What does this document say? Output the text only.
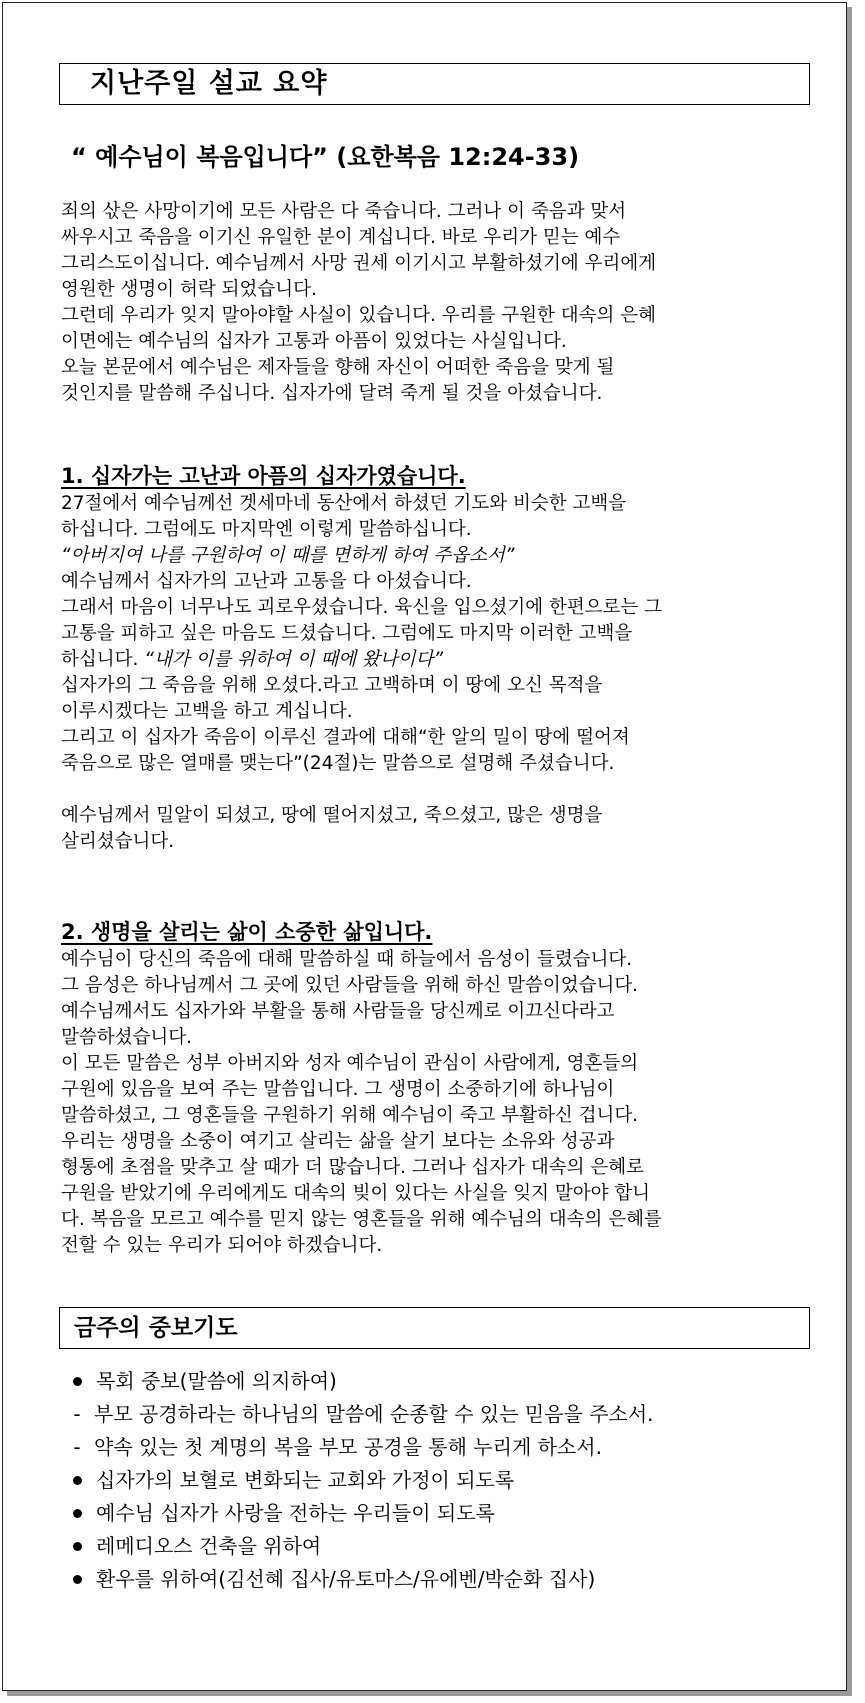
지난주일 설교 요약
“ 예수님이 복음입니다” (요한복음 12:24-33)

죄의 삯은 사망이기에 모든 사람은 다 죽습니다. 그러나 이 죽음과 맞서

싸우시고 죽음을 이기신 유일한 분이 계십니다. 바로 우리가 믿는 예수

그리스도이십니다. 예수님께서 사망 권세 이기시고 부활하셨기에 우리에게

영원한 생명이 허락 되었습니다.

그런데 우리가 잊지 말아야할 사실이 있습니다. 우리를 구원한 대속의 은혜

이면에는 예수님의 십자가 고통과 아픔이 있었다는 사실입니다.

오늘 본문에서 예수님은 제자들을 향해 자신이 어떠한 죽음을 맞게 될

것인지를 말씀해 주십니다. 십자가에 달려 죽게 될 것을 아셨습니다.

1. 십자가는 고난과 아픔의 십자가였습니다.

27절에서 예수님께선 겟세마네 동산에서 하셨던 기도와 비슷한 고백을

하십니다. 그럼에도 마지막엔 이렇게 말씀하십니다.

“아버지여 나를 구원하여 이 때를 면하게 하여 주옵소서”

예수님께서 십자가의 고난과 고통을 다 아셨습니다.

그래서 마음이 너무나도 괴로우셨습니다. 육신을 입으셨기에 한편으로는 그

고통을 피하고 싶은 마음도 드셨습니다. 그럼에도 마지막 이러한 고백을

하십니다. “내가 이를 위하여 이 때에 왔나이다”

십자가의 그 죽음을 위해 오셨다.라고 고백하며 이 땅에 오신 목적을

이루시겠다는 고백을 하고 계십니다.

그리고 이 십자가 죽음이 이루신 결과에 대해“한 알의 밀이 땅에 떨어져

죽음으로 많은 열매를 맺는다”(24절)는 말씀으로 설명해 주셨습니다.

예수님께서 밀알이 되셨고, 땅에 떨어지셨고, 죽으셨고, 많은 생명을

살리셨습니다.

2. 생명을 살리는 삶이 소중한 삶입니다.

예수님이 당신의 죽음에 대해 말씀하실 때 하늘에서 음성이 들렸습니다.

그 음성은 하나님께서 그 곳에 있던 사람들을 위해 하신 말씀이었습니다.

예수님께서도 십자가와 부활을 통해 사람들을 당신께로 이끄신다라고

말씀하셨습니다.

이 모든 말씀은 성부 아버지와 성자 예수님이 관심이 사람에게, 영혼들의

구원에 있음을 보여 주는 말씀입니다. 그 생명이 소중하기에 하나님이

말씀하셨고, 그 영혼들을 구원하기 위해 예수님이 죽고 부활하신 겁니다.

우리는 생명을 소중이 여기고 살리는 삶을 살기 보다는 소유와 성공과

형통에 초점을 맞추고 살 때가 더 많습니다. 그러나 십자가 대속의 은혜로

구원을 받았기에 우리에게도 대속의 빚이 있다는 사실을 잊지 말아야 합니

다. 복음을 모르고 예수를 믿지 않는 영혼들을 위해 예수님의 대속의 은혜를

전할 수 있는 우리가 되어야 하겠습니다.

금주의 중보기도
목회 중보(말씀에 의지하여)
- 부모 공경하라는 하나님의 말씀에 순종할 수 있는 믿음을 주소서.
- 약속 있는 첫 계명의 복을 부모 공경을 통해 누리게 하소서.
십자가의 보혈로 변화되는 교회와 가정이 되도록
예수님 십자가 사랑을 전하는 우리들이 되도록
레메디오스 건축을 위하여
환우를 위하여(김선혜 집사/유토마스/유에벤/박순화 집사)
